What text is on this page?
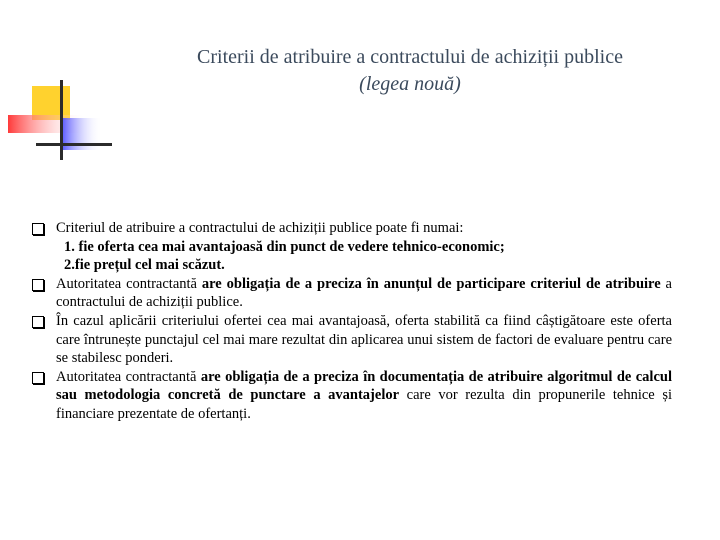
Criterii de atribuire a contractului de achiziții publice
(legea nouă)
Criteriul de atribuire a contractului de achiziții publice poate fi numai:
1. fie oferta cea mai avantajoasă din punct de vedere tehnico-economic;
2.fie prețul cel mai scăzut.
Autoritatea contractantă are obligația de a preciza în anunțul de participare criteriul de atribuire a contractului de achiziții publice.
În cazul aplicării criteriului ofertei cea mai avantajoasă, oferta stabilită ca fiind câștigătoare este oferta care întrunește punctajul cel mai mare rezultat din aplicarea unui sistem de factori de evaluare pentru care se stabilesc ponderi.
Autoritatea contractantă are obligația de a preciza în documentația de atribuire algoritmul de calcul sau metodologia concretă de punctare a avantajelor care vor rezulta din propunerile tehnice și financiare prezentate de ofertanți.
